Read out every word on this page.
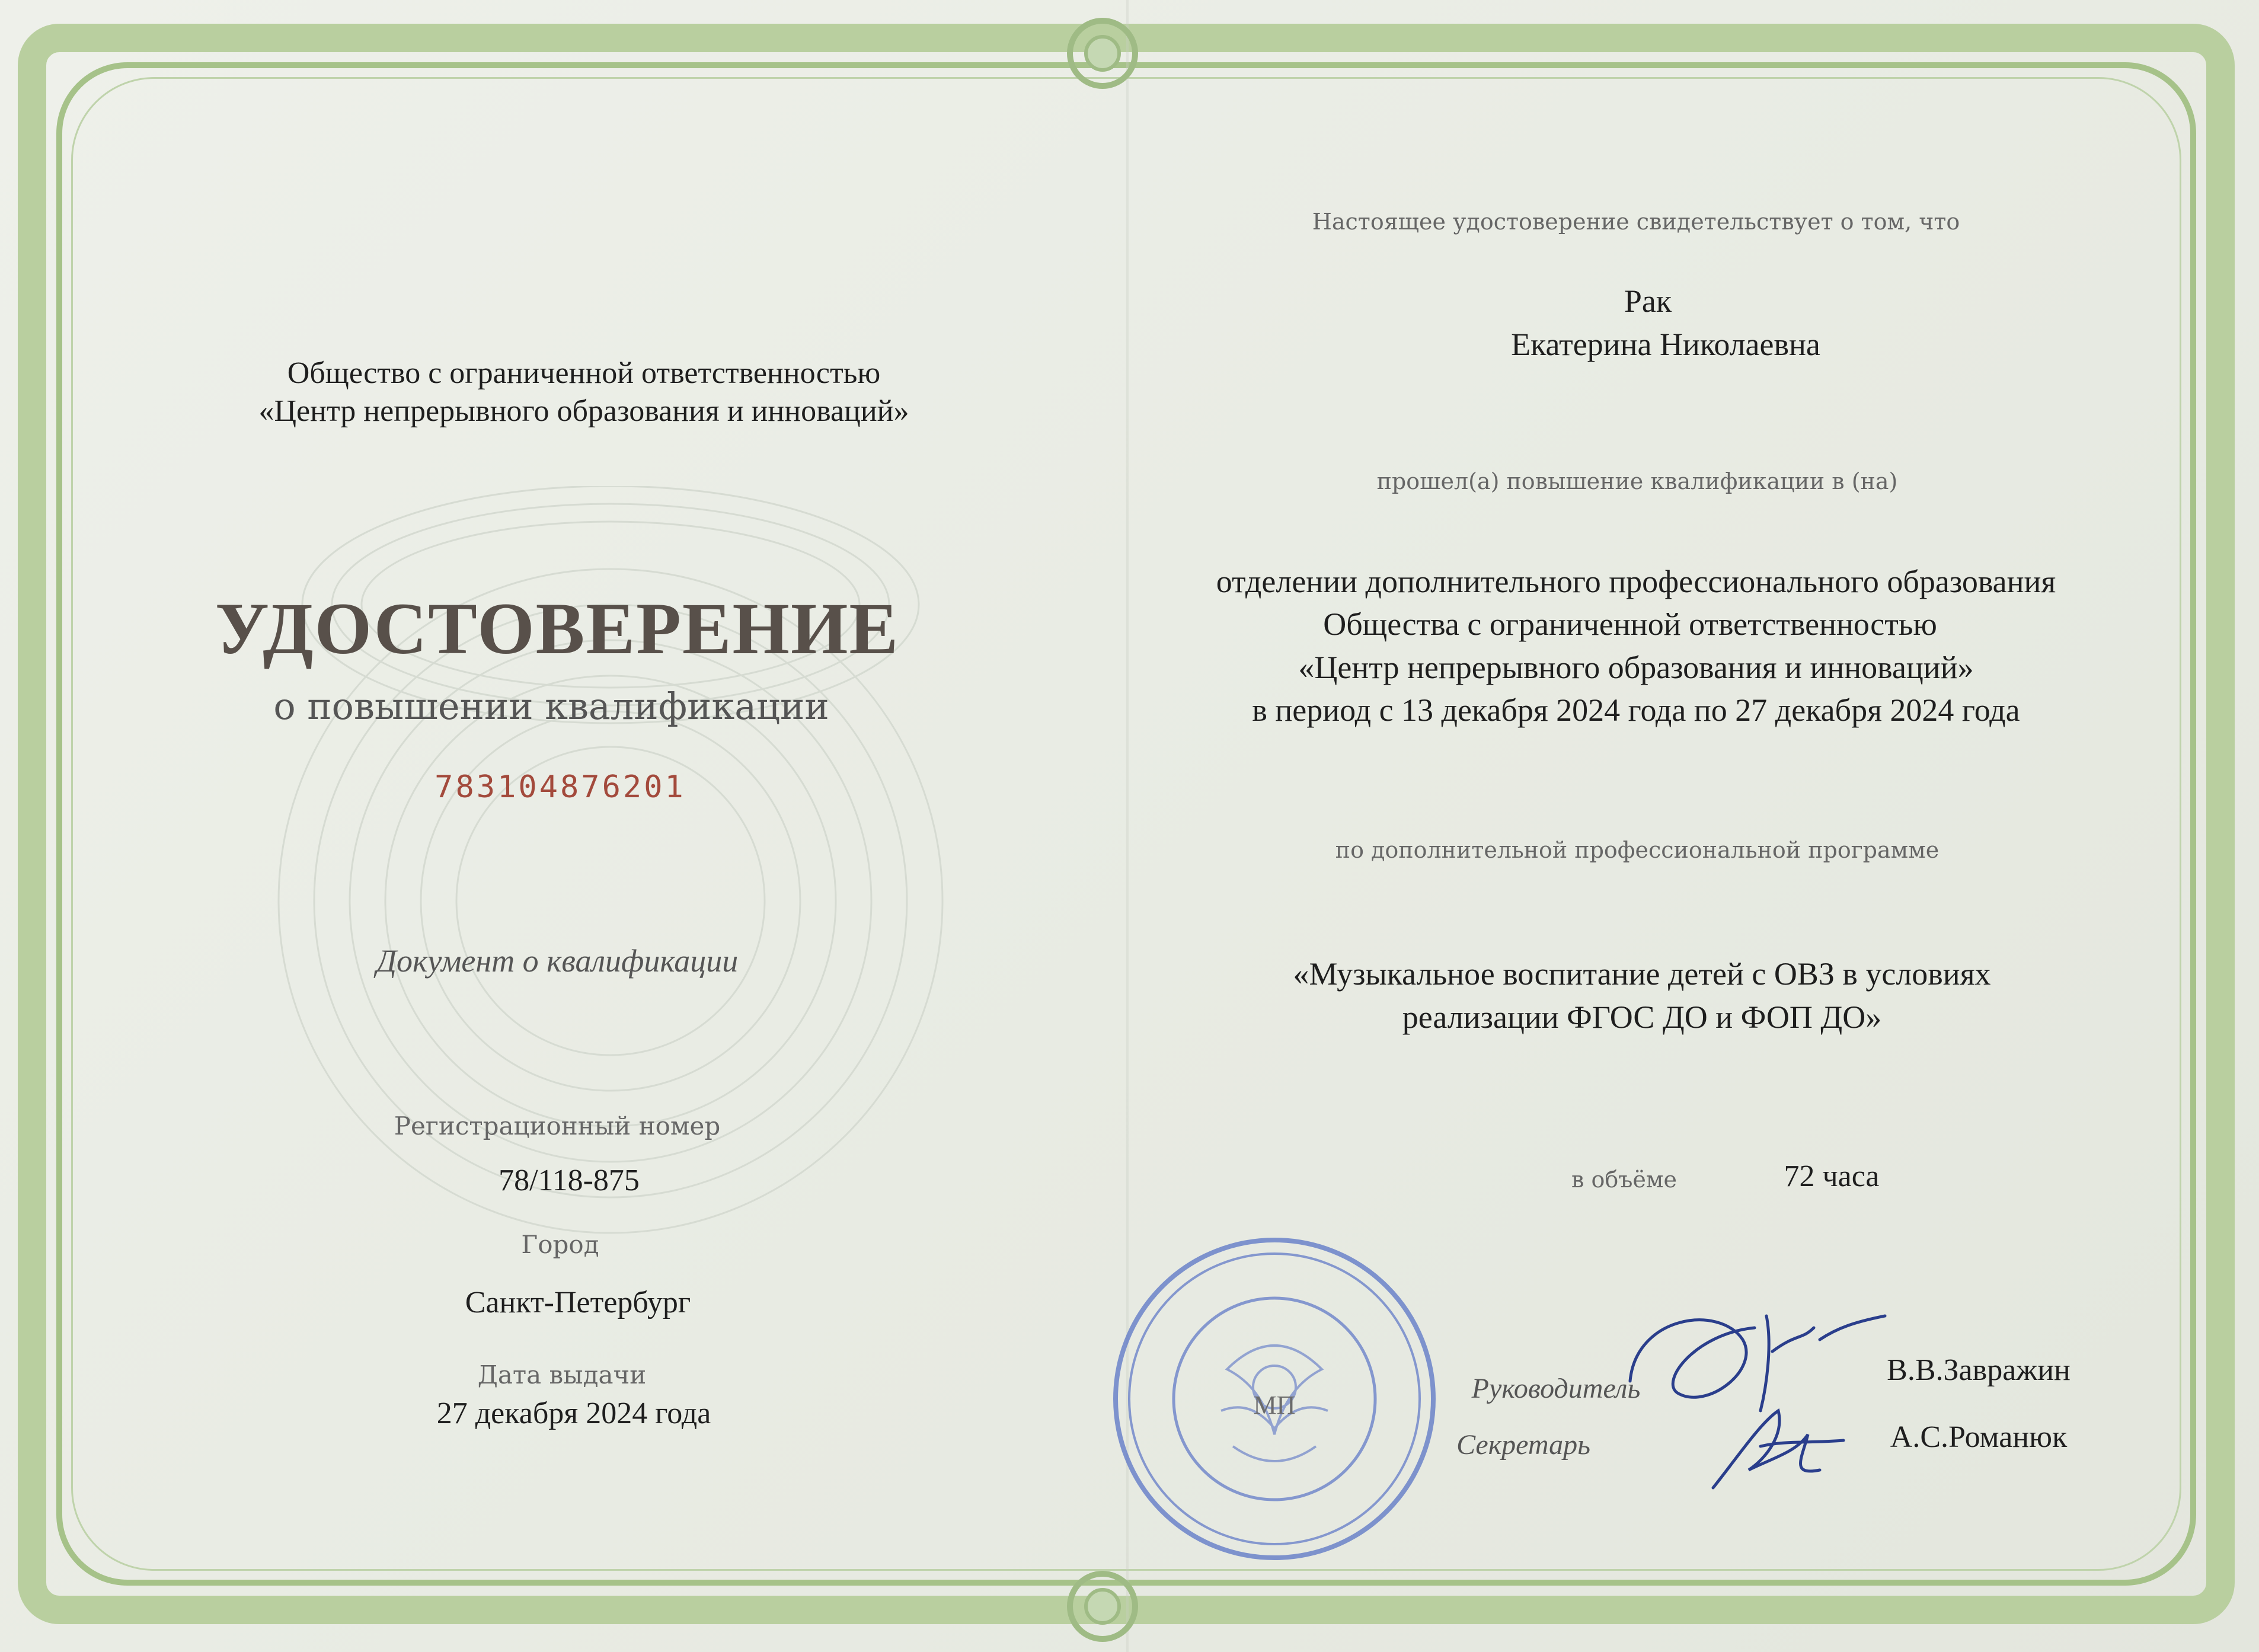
Общество с ограниченной ответственностью
«Центр непрерывного образования и инноваций»
УДОСТОВЕРЕНИЕ
о повышении квалификации
783104876201
Документ о квалификации
Регистрационный номер
78/118-875
Город
Санкт-Петербург
Дата выдачи
27 декабря 2024 года
Настоящее удостоверение свидетельствует о том, что
Рак
Екатерина Николаевна
прошел(а) повышение квалификации в (на)
отделении дополнительного профессионального образования
Общества с ограниченной ответственностью
«Центр непрерывного образования и инноваций»
в период с 13 декабря 2024 года по 27 декабря 2024 года
по дополнительной профессиональной программе
«Музыкальное воспитание детей с ОВЗ в условиях
реализации ФГОС ДО и ФОП ДО»
в объёме	72 часа
МП
Руководитель
В.В.Завражин
Секретарь	А.С.Романюк
